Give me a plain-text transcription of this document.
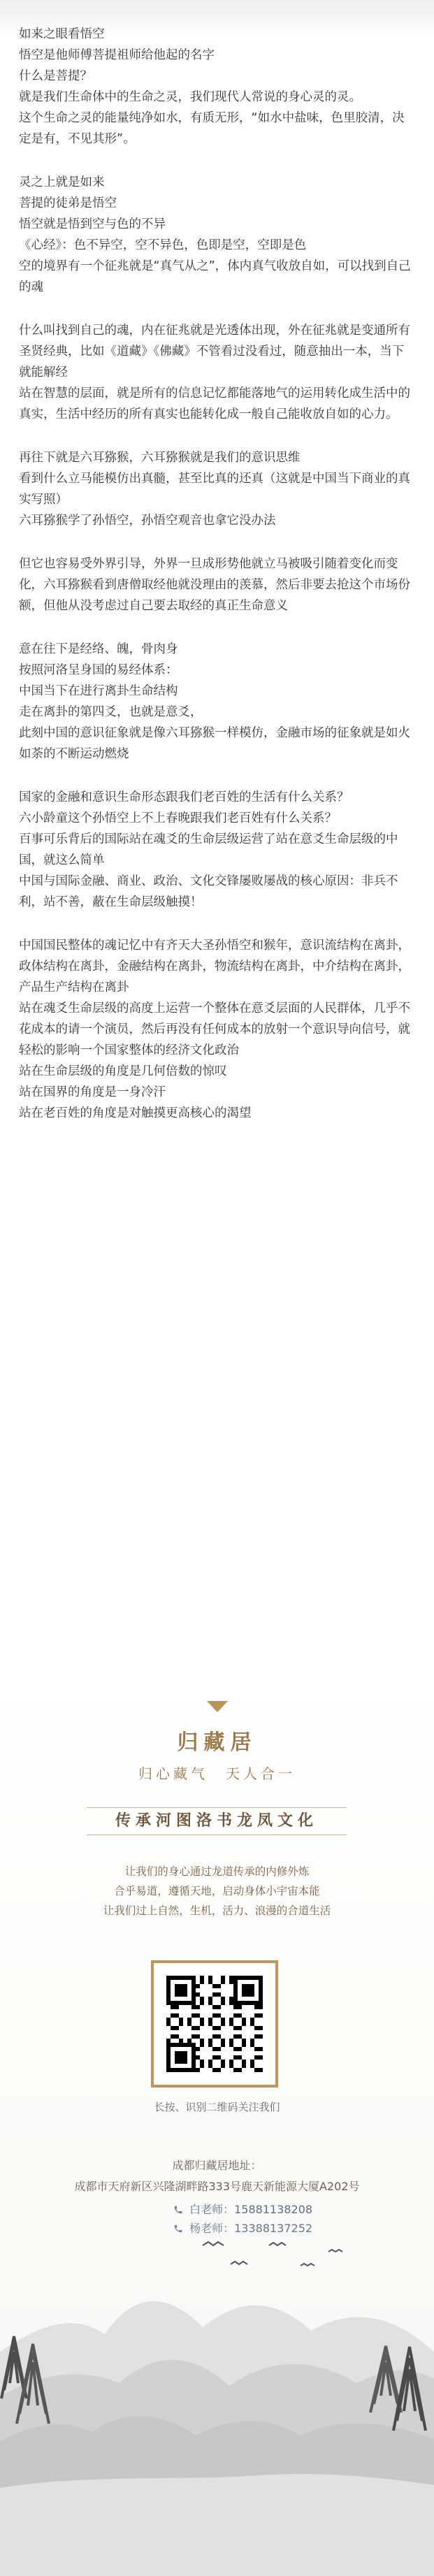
如来之眼看悟空
悟空是他师傅菩提祖师给他起的名字
什么是菩提？
就是我们生命体中的生命之灵，我们现代人常说的身心灵的灵。
这个生命之灵的能量纯净如水，有质无形，“如水中盐味，色里胶清，决定是有，不见其形”。
灵之上就是如来
菩提的徒弟是悟空
悟空就是悟到空与色的不异
《心经》：色不异空，空不异色，色即是空，空即是色
空的境界有一个征兆就是“真气从之”，体内真气收放自如，可以找到自己的魂
什么叫找到自己的魂，内在征兆就是光透体出现，外在征兆就是变通所有圣贤经典，比如《道藏》《佛藏》不管看过没看过，随意抽出一本，当下就能解经
站在智慧的层面，就是所有的信息记忆都能落地气的运用转化成生活中的真实，生活中经历的所有真实也能转化成一般自己能收放自如的心力。
再往下就是六耳猕猴，六耳猕猴就是我们的意识思维
看到什么立马能模仿出真髓，甚至比真的还真（这就是中国当下商业的真实写照）
六耳猕猴学了孙悟空，孙悟空观音也拿它没办法
但它也容易受外界引导，外界一旦成形势他就立马被吸引随着变化而变化，六耳猕猴看到唐僧取经他就没理由的羡慕，然后非要去抢这个市场份额，但他从没考虑过自己要去取经的真正生命意义
意在往下是经络、魄，骨肉身
按照河洛呈身国的易经体系：
中国当下在进行离卦生命结构
走在离卦的第四爻，也就是意爻，
此刻中国的意识征象就是像六耳猕猴一样模仿，金融市场的征象就是如火如荼的不断运动燃烧
国家的金融和意识生命形态跟我们老百姓的生活有什么关系？
六小龄童这个孙悟空上不上春晚跟我们老百姓有什么关系？
百事可乐背后的国际站在魂爻的生命层级运营了站在意爻生命层级的中国，就这么简单
中国与国际金融、商业、政治、文化交锋屡败屡战的核心原因：非兵不利，站不善，蔽在生命层级触摸！
中国国民整体的魂记忆中有齐天大圣孙悟空和猴年，意识流结构在离卦，政体结构在离卦，金融结构在离卦，物流结构在离卦，中介结构在离卦，产品生产结构在离卦
站在魂爻生命层级的高度上运营一个整体在意爻层面的人民群体，几乎不花成本的请一个演员，然后再没有任何成本的放射一个意识导向信号，就轻松的影响一个国家整体的经济文化政治
站在生命层级的角度是几何倍数的惊叹
站在国界的角度是一身冷汗
站在老百姓的角度是对触摸更高核心的渴望
归藏居
归心藏气　天人合一
传承河图洛书龙凤文化
让我们的身心通过龙道传承的内修外炼
合乎易道，遵循天地，启动身体小宇宙本能
让我们过上自然，生机，活力、浪漫的合道生活
长按、识别二维码关注我们
成都归藏居地址：
成都市天府新区兴隆湖畔路333号鹿天新能源大厦A202号
